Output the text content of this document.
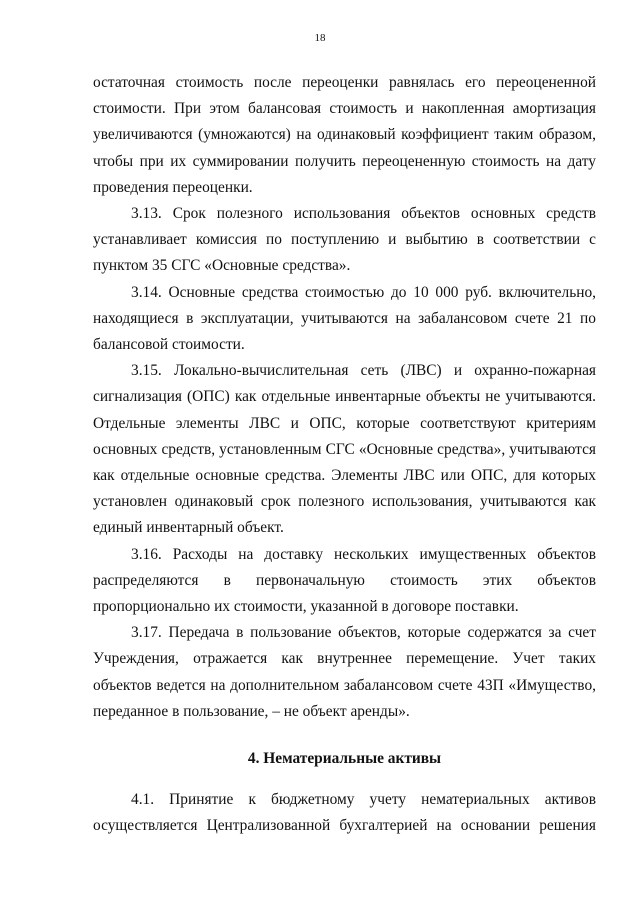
18

остаточная стоимость после переоценки равнялась его переоцененной стоимости. При этом балансовая стоимость и накопленная амортизация увеличиваются (умножаются) на одинаковый коэффициент таким образом, чтобы при их суммировании получить переоцененную стоимость на дату проведения переоценки.

3.13. Срок полезного использования объектов основных средств устанавливает комиссия по поступлению и выбытию в соответствии с пунктом 35 СГС «Основные средства».

3.14. Основные средства стоимостью до 10 000 руб. включительно, находящиеся в эксплуатации, учитываются на забалансовом счете 21 по балансовой стоимости.

3.15. Локально-вычислительная сеть (ЛВС) и охранно-пожарная сигнализация (ОПС) как отдельные инвентарные объекты не учитываются. Отдельные элементы ЛВС и ОПС, которые соответствуют критериям основных средств, установленным СГС «Основные средства», учитываются как отдельные основные средства. Элементы ЛВС или ОПС, для которых установлен одинаковый срок полезного использования, учитываются как единый инвентарный объект.

3.16. Расходы на доставку нескольких имущественных объектов распределяются в первоначальную стоимость этих объектов пропорционально их стоимости, указанной в договоре поставки.

3.17. Передача в пользование объектов, которые содержатся за счет Учреждения, отражается как внутреннее перемещение. Учет таких объектов ведется на дополнительном забалансовом счете 43П «Имущество, переданное в пользование, – не объект аренды».

4. Нематериальные активы

4.1. Принятие к бюджетному учету нематериальных активов

осуществляется Централизованной бухгалтерией на основании решения
